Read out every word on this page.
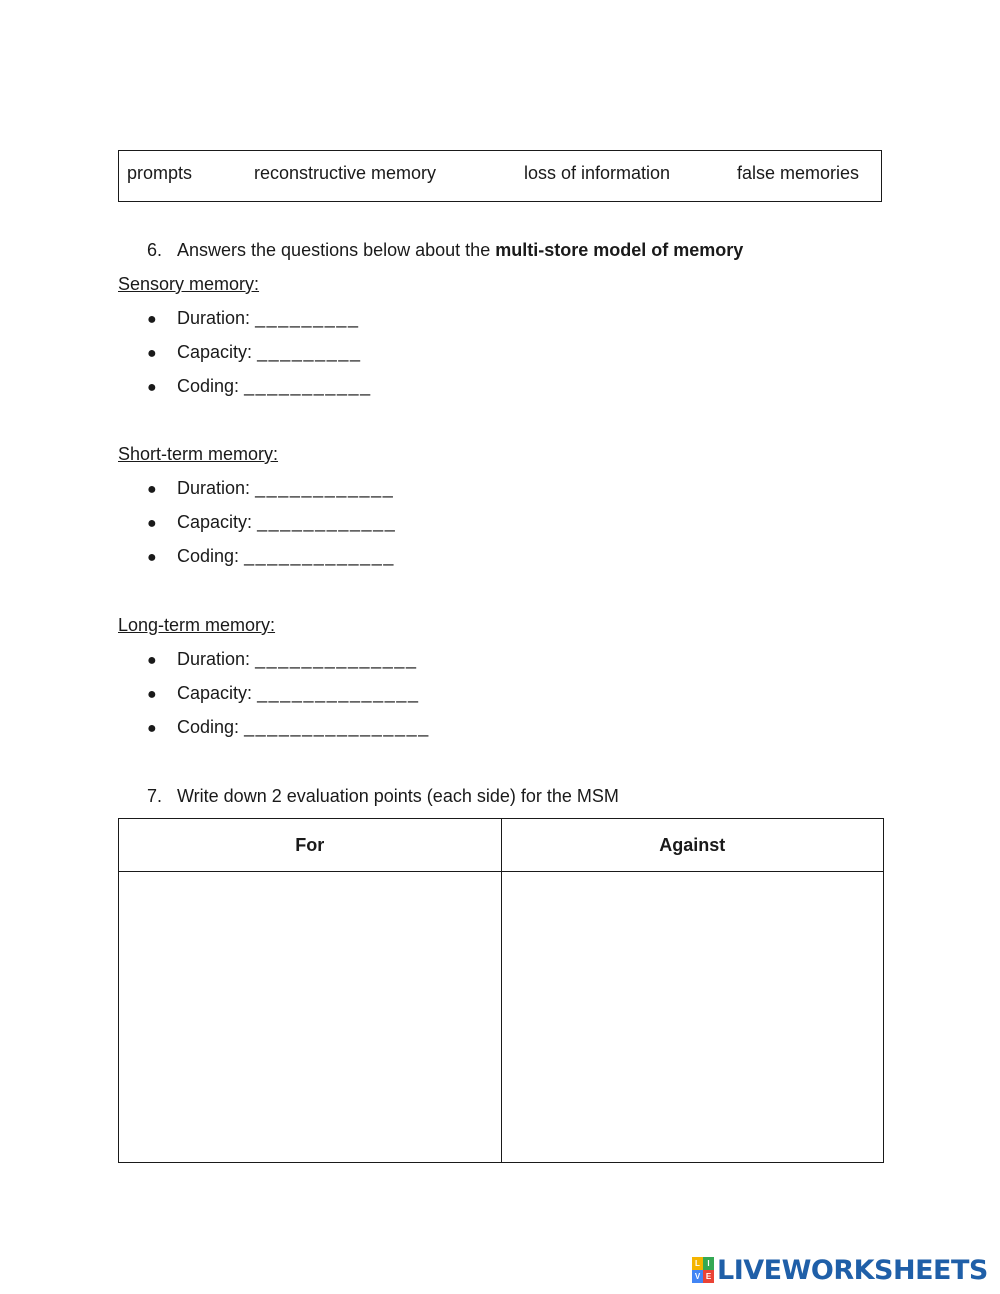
prompts	reconstructive memory	loss of information	false memories
6. Answers the questions below about the multi-store model of memory
Sensory memory:
● Duration: _________
● Capacity: _________
● Coding: ___________
Short-term memory:
● Duration: ____________
● Capacity: ____________
● Coding: _____________
Long-term memory:
● Duration: ______________
● Capacity: ______________
● Coding: ________________
7. Write down 2 evaluation points (each side) for the MSM
For	Against

L I
V E LIVEWORKSHEETS
